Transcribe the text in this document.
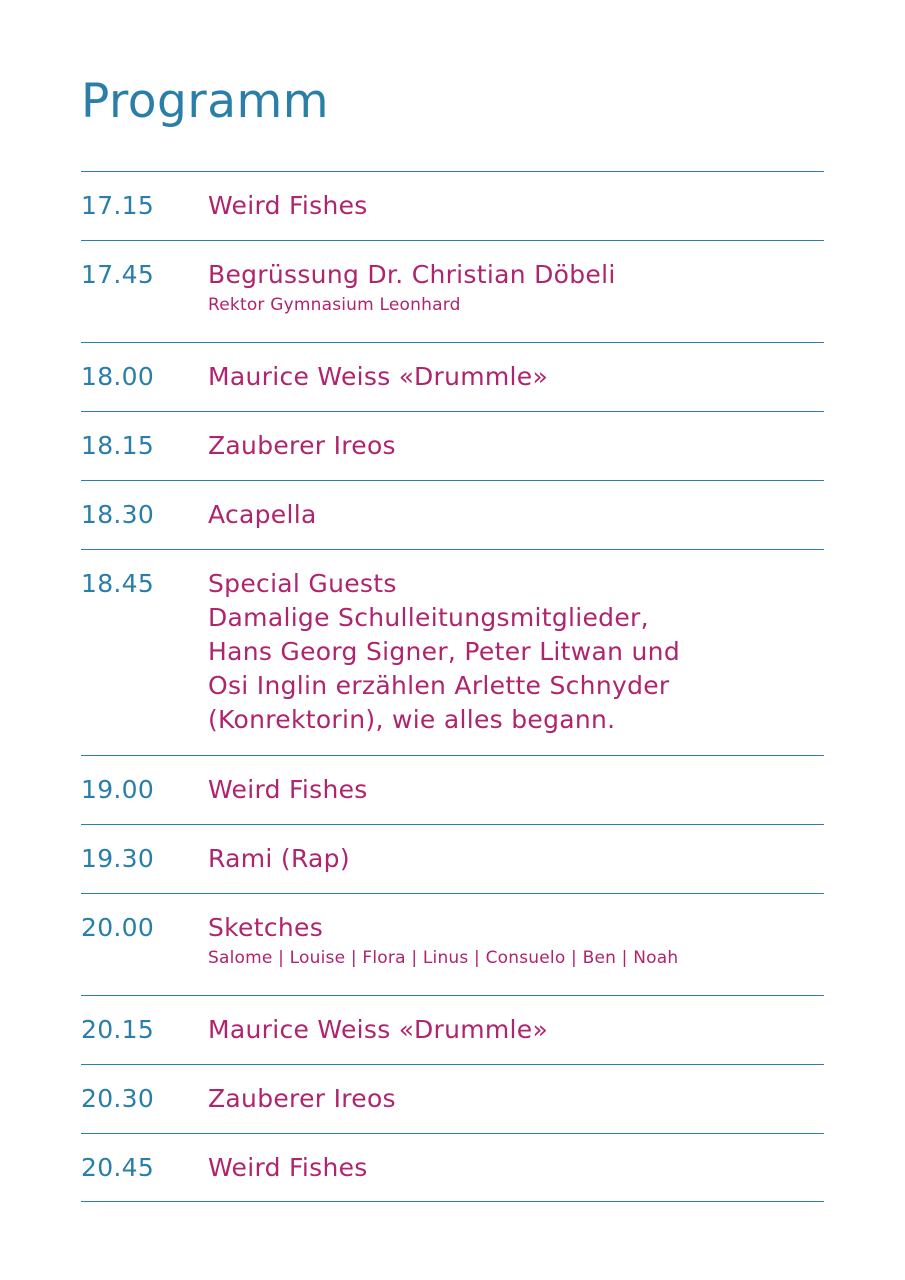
Programm
17.15	Weird Fishes
17.45	Begrüssung Dr. Christian Döbeli
Rektor Gymnasium Leonhard
18.00	Maurice Weiss «Drummle»
18.15	Zauberer Ireos
18.30	Acapella
18.45	Special Guests
Damalige Schulleitungsmitglieder,
Hans Georg Signer, Peter Litwan und
Osi Inglin erzählen Arlette Schnyder
(Konrektorin), wie alles begann.
19.00	Weird Fishes
19.30	Rami (Rap)
20.00	Sketches
Salome | Louise | Flora | Linus | Consuelo | Ben | Noah
20.15	Maurice Weiss «Drummle»
20.30	Zauberer Ireos
20.45	Weird Fishes
